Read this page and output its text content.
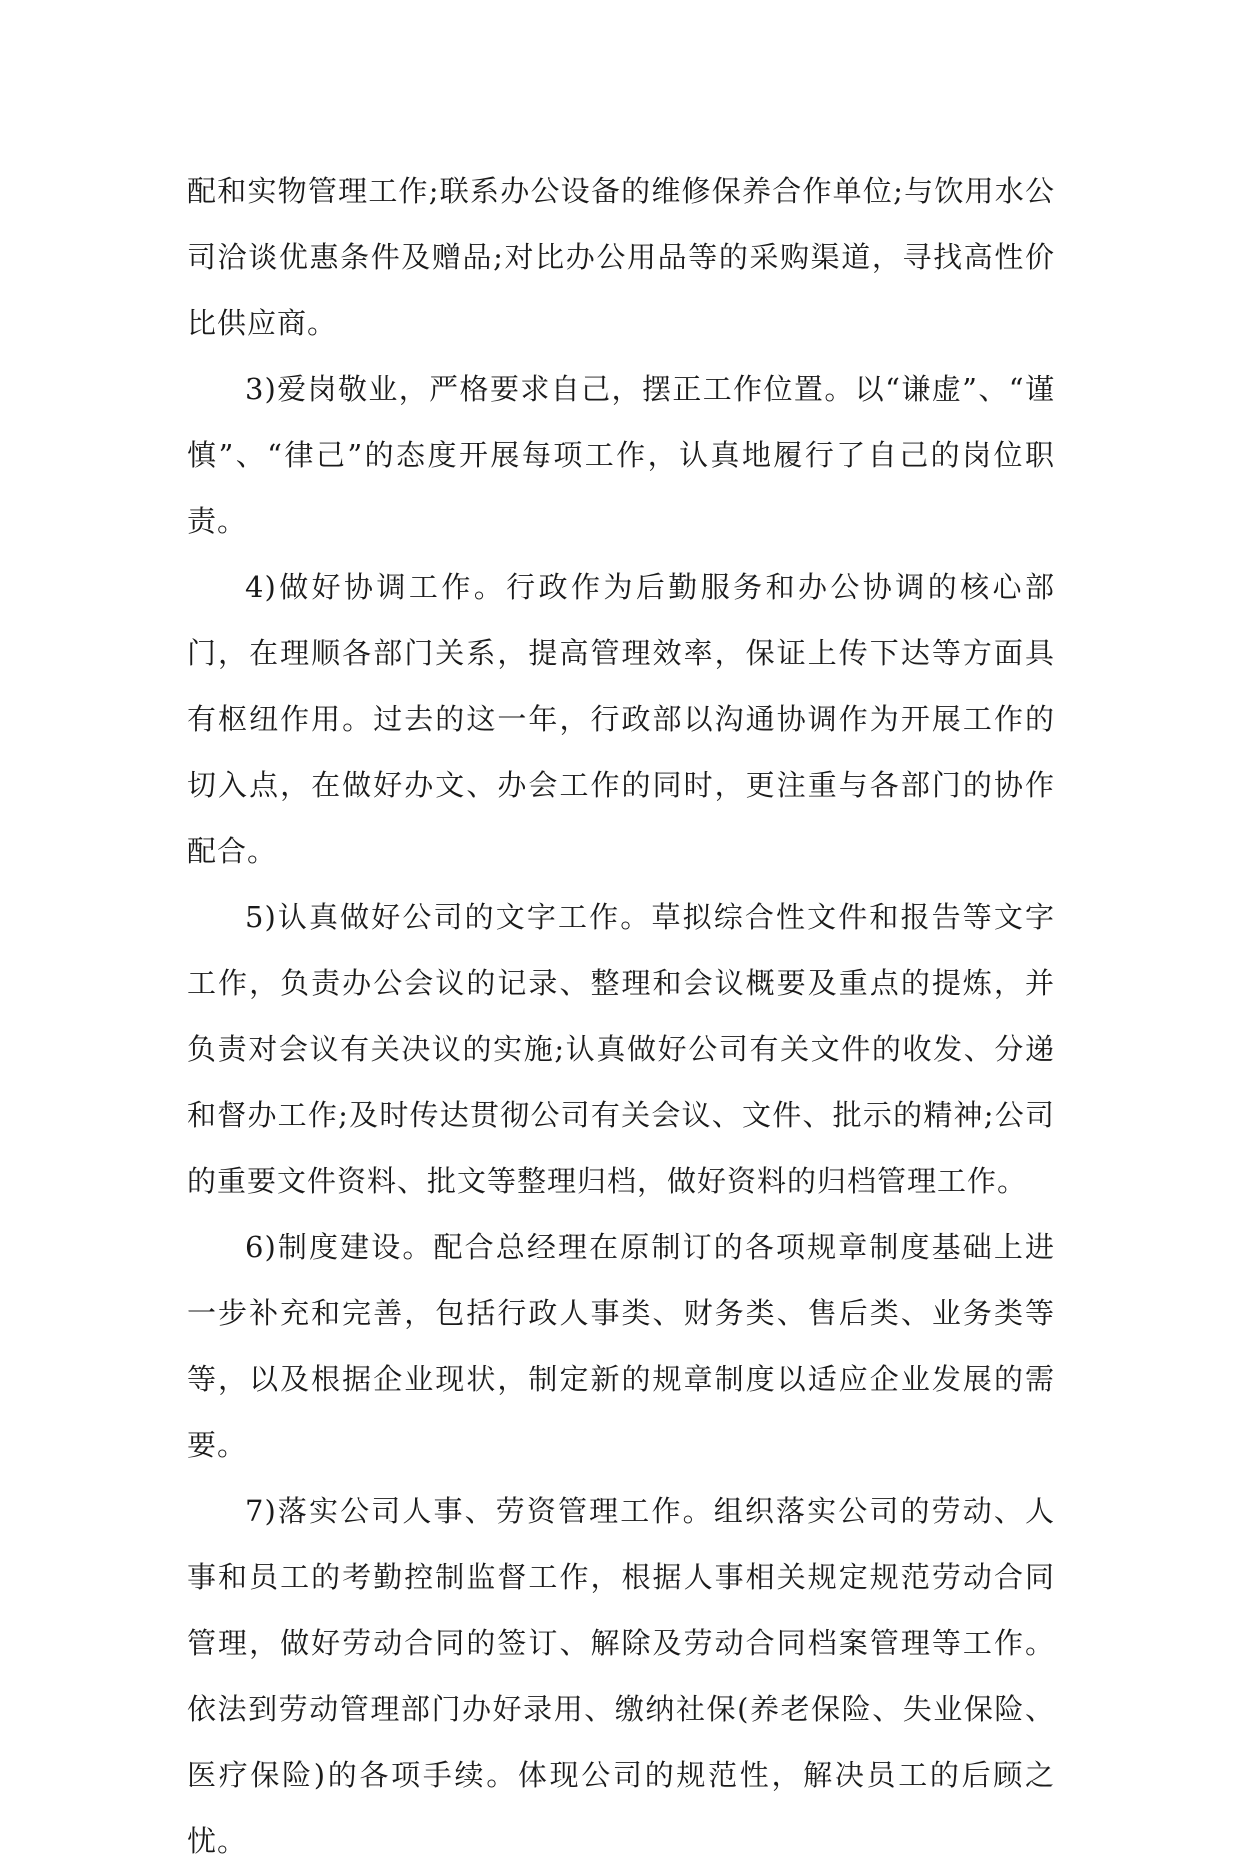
配和实物管理工作;联系办公设备的维修保养合作单位;与饮用水公司洽谈优惠条件及赠品;对比办公用品等的采购渠道，寻找高性价比供应商。

3)爱岗敬业，严格要求自己，摆正工作位置。以“谦虚”、“谨慎”、“律己”的态度开展每项工作，认真地履行了自己的岗位职责。

4)做好协调工作。行政作为后勤服务和办公协调的核心部门，在理顺各部门关系，提高管理效率，保证上传下达等方面具有枢纽作用。过去的这一年，行政部以沟通协调作为开展工作的切入点，在做好办文、办会工作的同时，更注重与各部门的协作配合。

5)认真做好公司的文字工作。草拟综合性文件和报告等文字工作，负责办公会议的记录、整理和会议概要及重点的提炼，并负责对会议有关决议的实施;认真做好公司有关文件的收发、分递和督办工作;及时传达贯彻公司有关会议、文件、批示的精神;公司的重要文件资料、批文等整理归档，做好资料的归档管理工作。

6)制度建设。配合总经理在原制订的各项规章制度基础上进一步补充和完善，包括行政人事类、财务类、售后类、业务类等等，以及根据企业现状，制定新的规章制度以适应企业发展的需要。

7)落实公司人事、劳资管理工作。组织落实公司的劳动、人事和员工的考勤控制监督工作，根据人事相关规定规范劳动合同管理，做好劳动合同的签订、解除及劳动合同档案管理等工作。依法到劳动管理部门办好录用、缴纳社保(养老保险、失业保险、医疗保险)的各项手续。体现公司的规范性，解决员工的后顾之忧。
